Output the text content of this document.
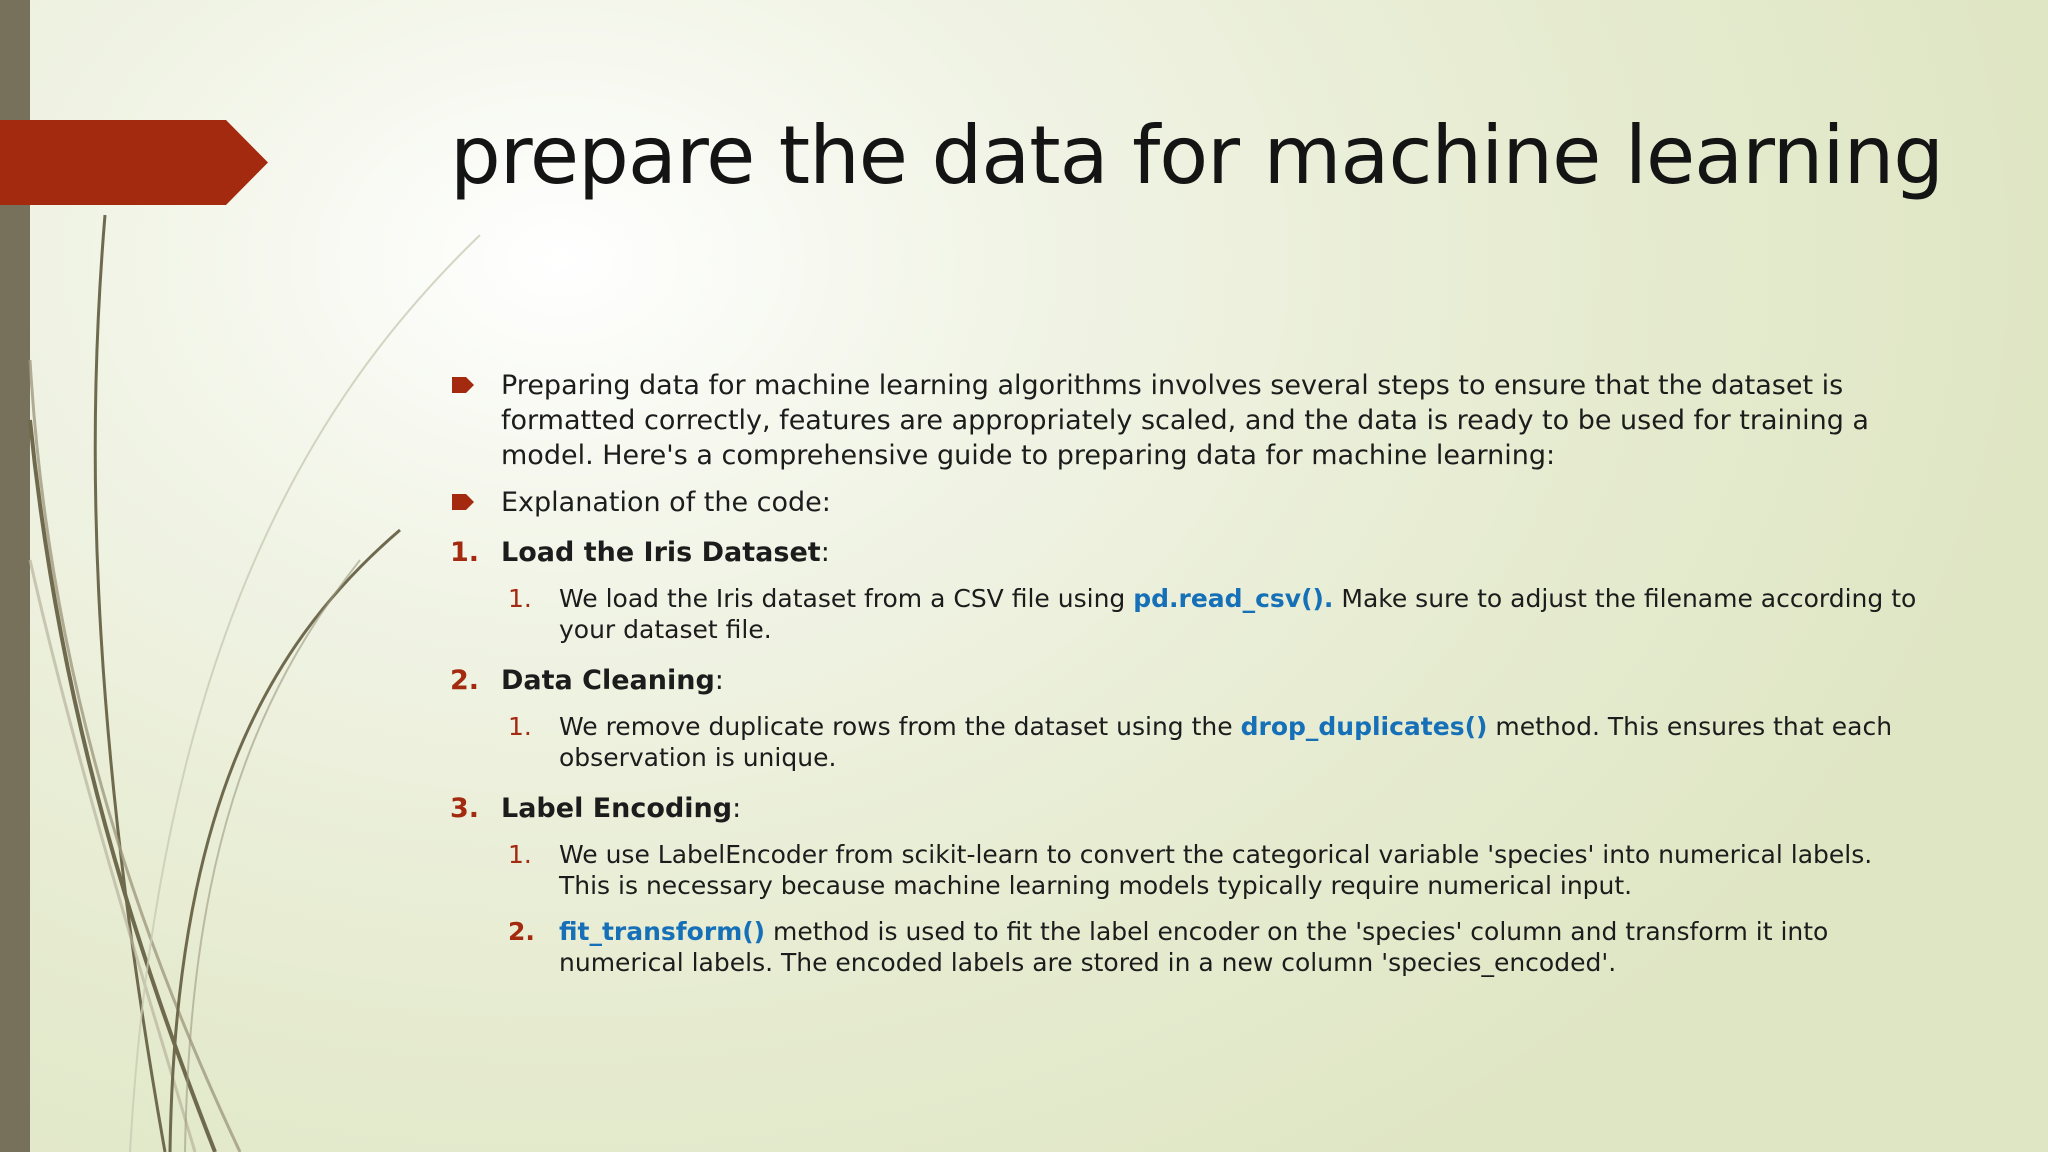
prepare the data for machine learning
Preparing data for machine learning algorithms involves several steps to ensure that the dataset is formatted correctly, features are appropriately scaled, and the data is ready to be used for training a model. Here's a comprehensive guide to preparing data for machine learning:
Explanation of the code:
1. Load the Iris Dataset:
1. We load the Iris dataset from a CSV file using pd.read_csv(). Make sure to adjust the filename according to your dataset file.
2. Data Cleaning:
1. We remove duplicate rows from the dataset using the drop_duplicates() method. This ensures that each observation is unique.
3. Label Encoding:
1. We use LabelEncoder from scikit-learn to convert the categorical variable 'species' into numerical labels. This is necessary because machine learning models typically require numerical input.
2. fit_transform() method is used to fit the label encoder on the 'species' column and transform it into numerical labels. The encoded labels are stored in a new column 'species_encoded'.
